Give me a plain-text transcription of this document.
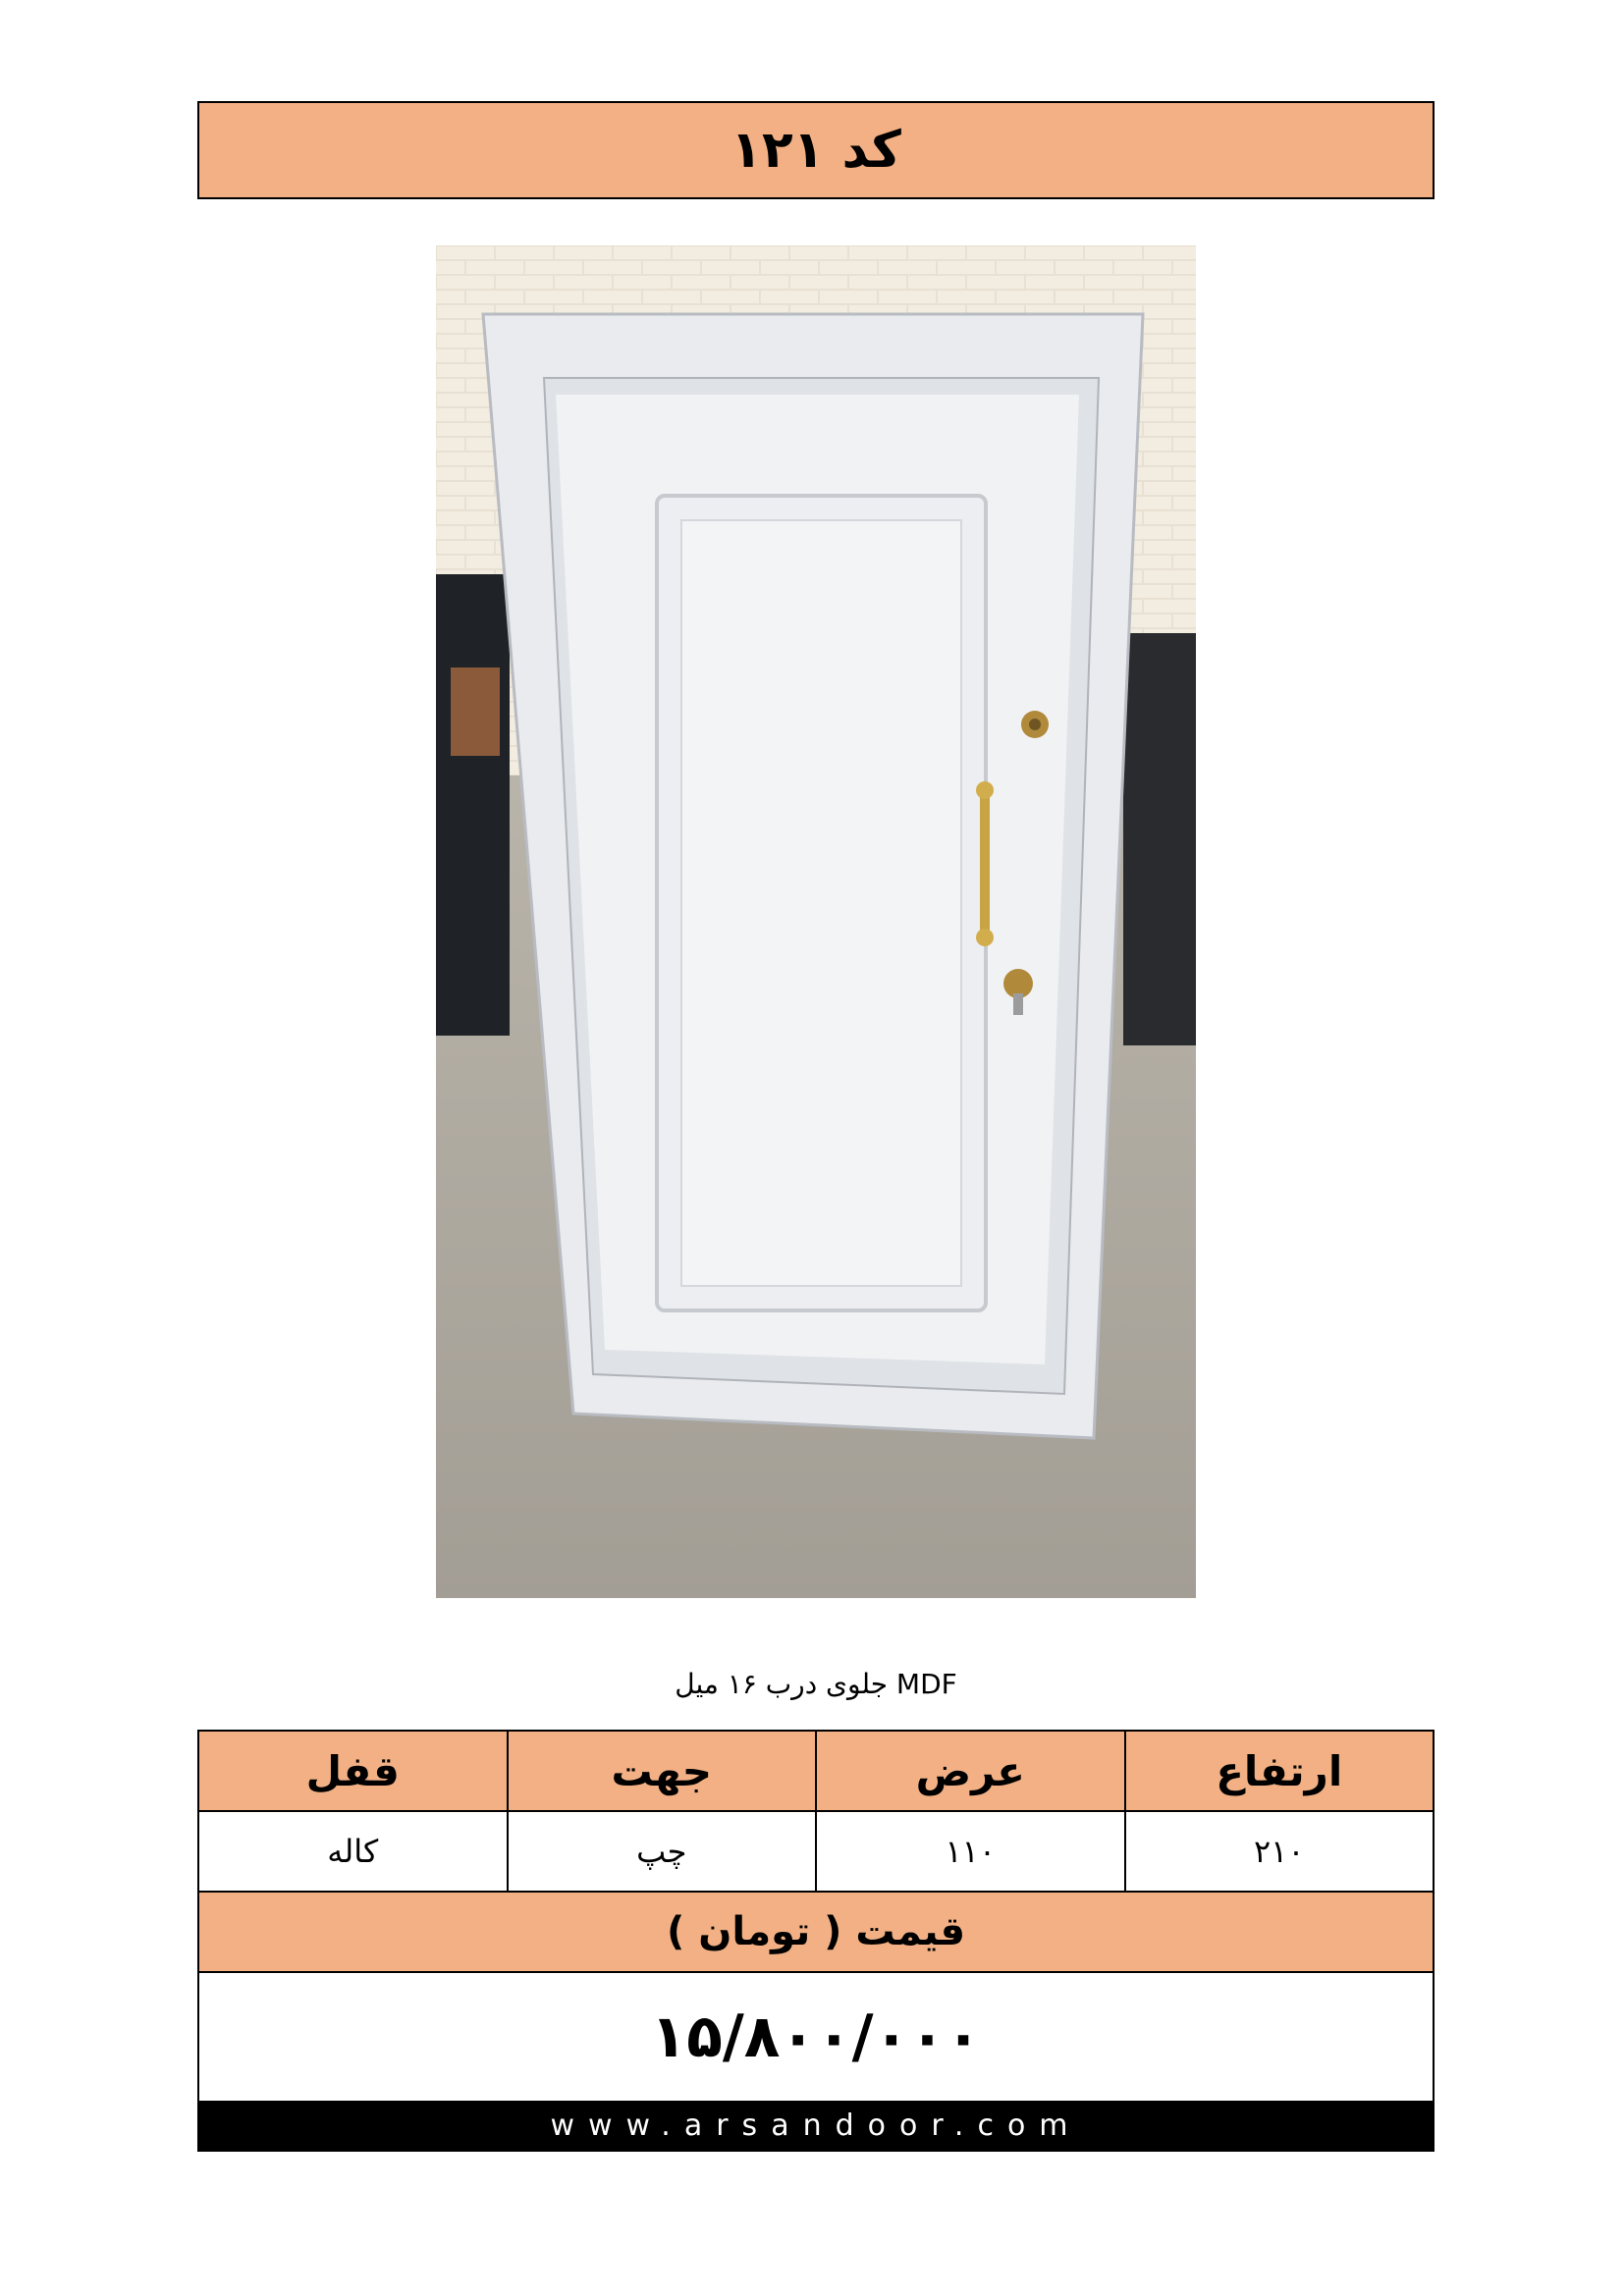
کد ۱۲۱
MDF جلوی درب ۱۶ میل
ارتفاع
عرض
جهت
قفل
۲۱۰
۱۱۰
چپ
کاله
قیمت ( تومان )
۱۵/۸۰۰/۰۰۰
www.arsandoor.com
